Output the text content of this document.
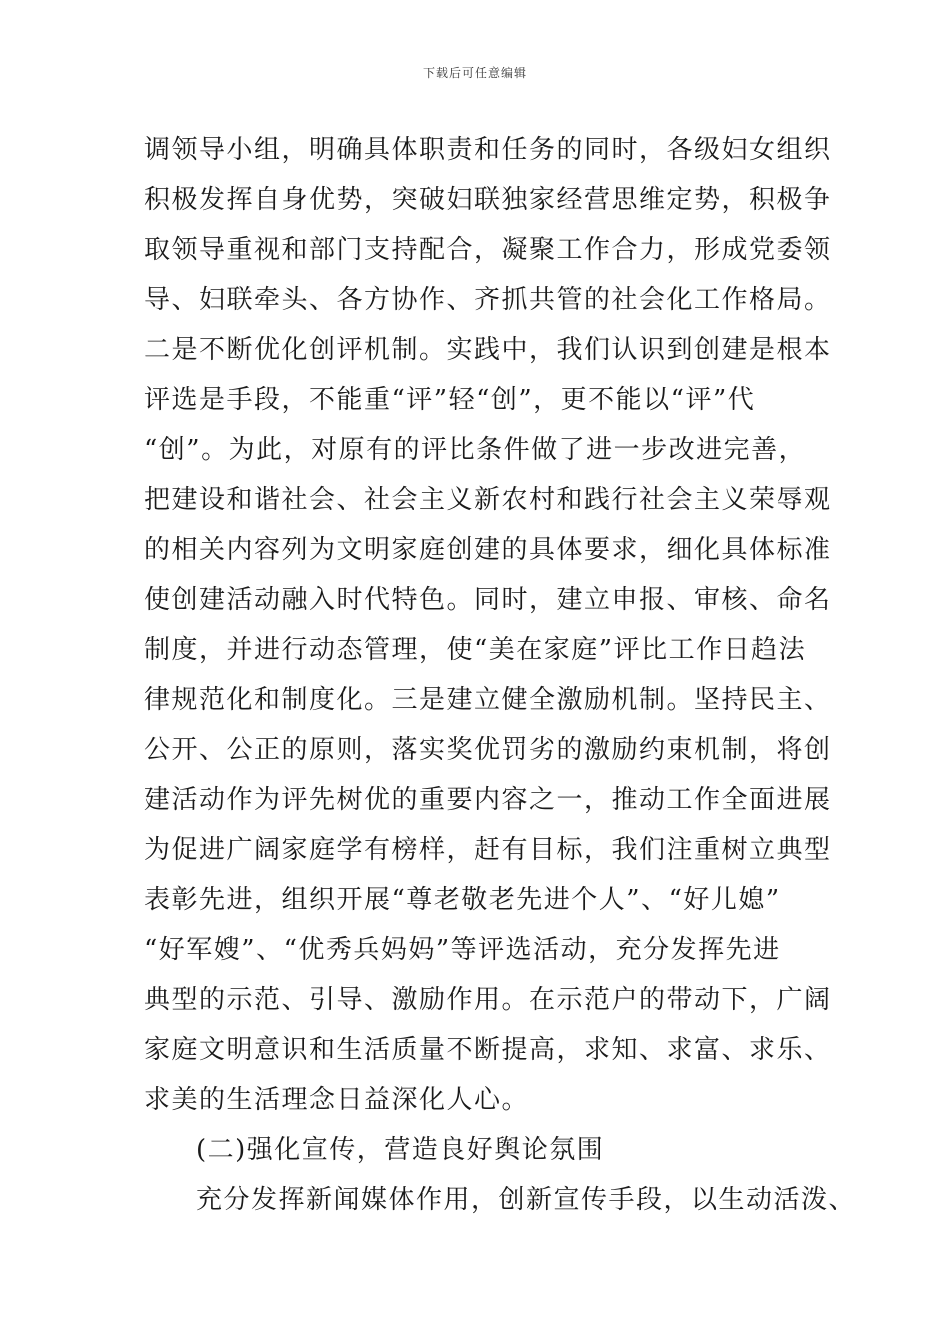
下载后可任意编辑
调领导小组，明确具体职责和任务的同时，各级妇女组织
积极发挥自身优势，突破妇联独家经营思维定势，积极争
取领导重视和部门支持配合，凝聚工作合力，形成党委领
导、妇联牵头、各方协作、齐抓共管的社会化工作格局。
二是不断优化创评机制。实践中，我们认识到创建是根本
评选是手段，不能重“评”轻“创”，更不能以“评”代
“创”。为此，对原有的评比条件做了进一步改进完善，
把建设和谐社会、社会主义新农村和践行社会主义荣辱观
的相关内容列为文明家庭创建的具体要求，细化具体标准
使创建活动融入时代特色。同时，建立申报、审核、命名
制度，并进行动态管理，使“美在家庭”评比工作日趋法
律规范化和制度化。三是建立健全激励机制。坚持民主、
公开、公正的原则，落实奖优罚劣的激励约束机制，将创
建活动作为评先树优的重要内容之一，推动工作全面进展
为促进广阔家庭学有榜样，赶有目标，我们注重树立典型
表彰先进，组织开展“尊老敬老先进个人”、“好儿媳”
“好军嫂”、“优秀兵妈妈”等评选活动，充分发挥先进
典型的示范、引导、激励作用。在示范户的带动下，广阔
家庭文明意识和生活质量不断提高，求知、求富、求乐、
求美的生活理念日益深化人心。
(二)强化宣传，营造良好舆论氛围
充分发挥新闻媒体作用，创新宣传手段，以生动活泼、
